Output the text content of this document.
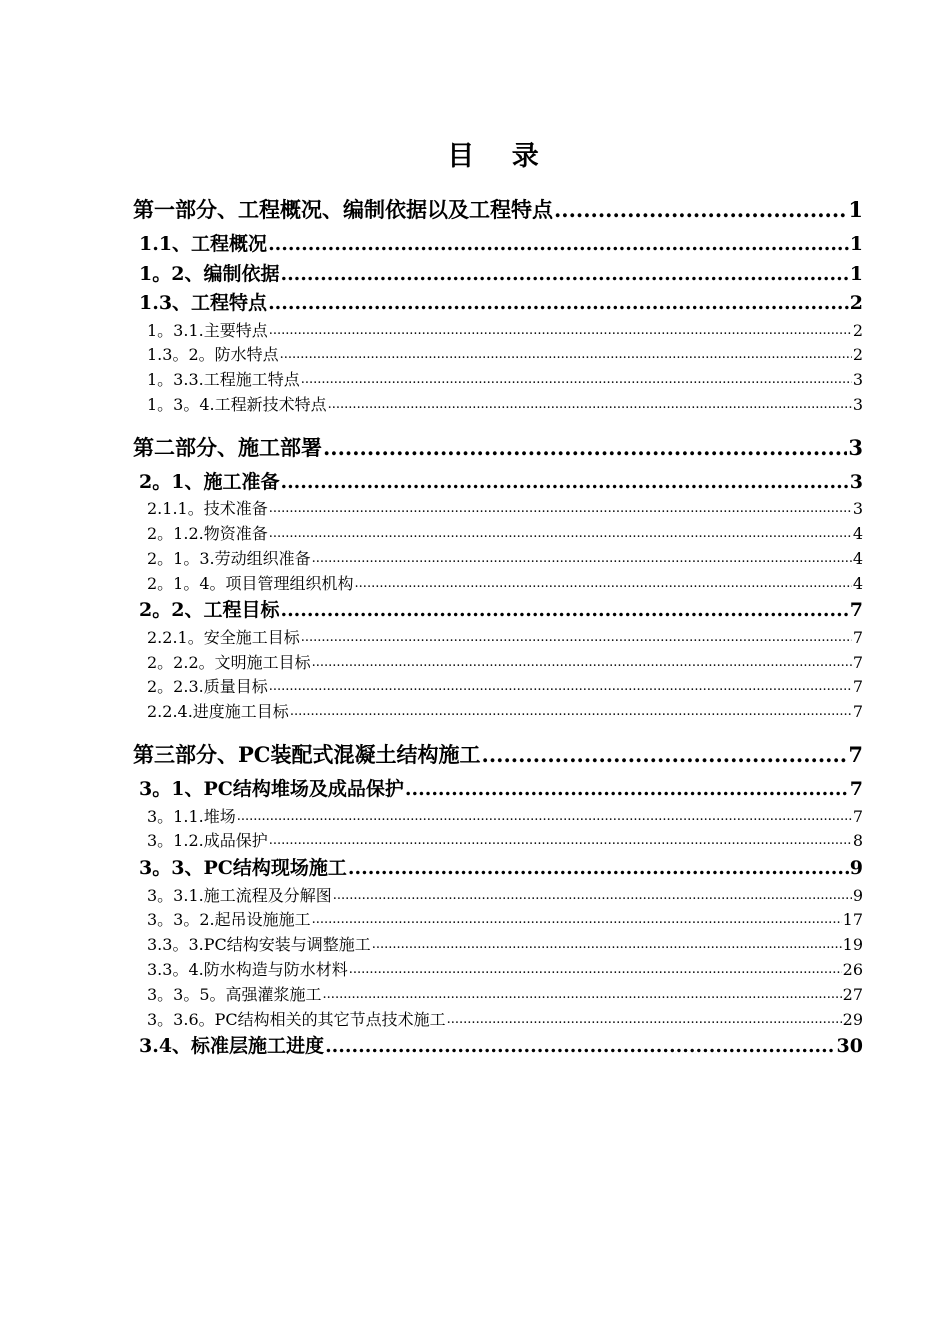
目 录
第一部分、工程概况、编制依据以及工程特点 .....	1
1.1、工程概况 .....	1
1。2、编制依据 .....	1
1.3、工程特点 .....	2
1。3.1.主要特点 .....	2
1.3。2。防水特点 .....	2
1。3.3.工程施工特点 .....	3
1。3。4.工程新技术特点 .....	3
第二部分、施工部署 .....	3
2。1、施工准备 .....	3
2.1.1。技术准备 .....	3
2。1.2.物资准备 .....	4
2。1。3.劳动组织准备 .....	4
2。1。4。项目管理组织机构 .....	4
2。2、工程目标 .....	7
2.2.1。安全施工目标 .....	7
2。2.2。文明施工目标 .....	7
2。2.3.质量目标 .....	7
2.2.4.进度施工目标 .....	7
第三部分、PC装配式混凝土结构施工 .....	7
3。1、PC结构堆场及成品保护 .....	7
3。1.1.堆场 .....	7
3。1.2.成品保护 .....	8
3。3、PC结构现场施工 .....	9
3。3.1.施工流程及分解图 .....	9
3。3。2.起吊设施施工 .....	17
3.3。3.PC结构安装与调整施工 .....	19
3.3。4.防水构造与防水材料 .....	26
3。3。5。高强灌浆施工 .....	27
3。3.6。PC结构相关的其它节点技术施工 .....	29
3.4、标准层施工进度 .....	30
